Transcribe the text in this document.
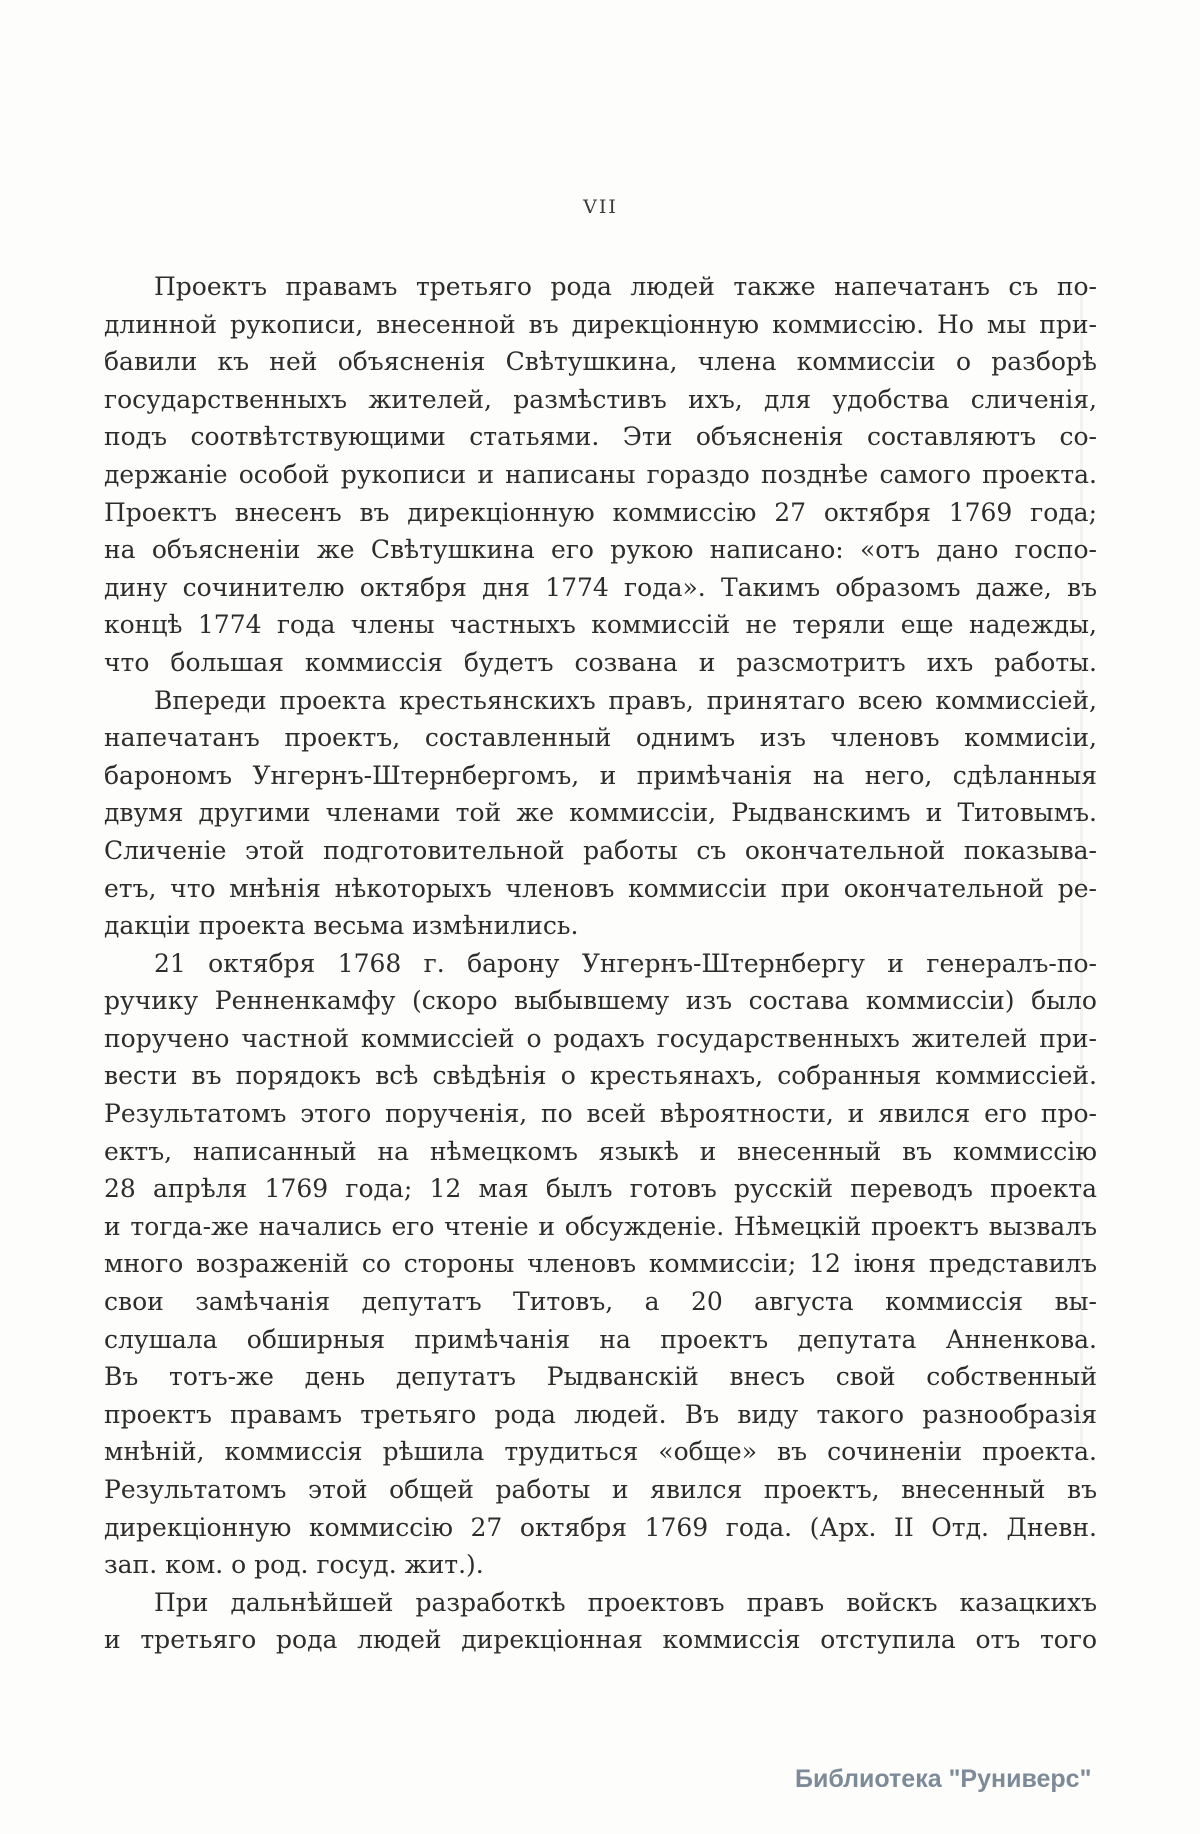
VII
Проектъ правамъ третьяго рода людей также напечатанъ съ по-
длинной рукописи, внесенной въ дирекціонную коммиссію. Но мы при-
бавили къ ней объясненія Свѣтушкина, члена коммиссіи о разборѣ
государственныхъ жителей, размѣстивъ ихъ, для удобства сличенія,
подъ соотвѣтствующими статьями. Эти объясненія составляютъ со-
держаніе особой рукописи и написаны гораздо позднѣе самого проекта.
Проектъ внесенъ въ дирекціонную коммиссію 27 октября 1769 года;
на объясненіи же Свѣтушкина его рукою написано: «отъ дано госпо-
дину сочинителю октября дня 1774 года». Такимъ образомъ даже, въ
концѣ 1774 года члены частныхъ коммиссій не теряли еще надежды,
что большая коммиссія будетъ созвана и разсмотритъ ихъ работы.
Впереди проекта крестьянскихъ правъ, принятаго всею коммиссіей,
напечатанъ проектъ, составленный однимъ изъ членовъ коммисіи,
барономъ Унгернъ-Штернбергомъ, и примѣчанія на него, сдѣланныя
двумя другими членами той же коммиссіи, Рыдванскимъ и Титовымъ.
Сличеніе этой подготовительной работы съ окончательной показыва-
етъ, что мнѣнія нѣкоторыхъ членовъ коммиссіи при окончательной ре-
дакціи проекта весьма измѣнились.
21 октября 1768 г. барону Унгернъ-Штернбергу и генералъ-по-
ручику Ренненкамфу (скоро выбывшему изъ состава коммиссіи) было
поручено частной коммиссіей о родахъ государственныхъ жителей при-
вести въ порядокъ всѣ свѣдѣнія о крестьянахъ, собранныя коммиссіей.
Результатомъ этого порученія, по всей вѣроятности, и явился его про-
ектъ, написанный на нѣмецкомъ языкѣ и внесенный въ коммиссію
28 апрѣля 1769 года; 12 мая былъ готовъ русскій переводъ проекта
и тогда-же начались его чтеніе и обсужденіе. Нѣмецкій проектъ вызвалъ
много возраженій со стороны членовъ коммиссіи; 12 іюня представилъ
свои замѣчанія депутатъ Титовъ, а 20 августа коммиссія вы-
слушала обширныя примѣчанія на проектъ депутата Анненкова.
Въ тотъ-же день депутатъ Рыдванскій внесъ свой собственный
проектъ правамъ третьяго рода людей. Въ виду такого разнообразія
мнѣній, коммиссія рѣшила трудиться «обще» въ сочиненіи проекта.
Результатомъ этой общей работы и явился проектъ, внесенный въ
дирекціонную коммиссію 27 октября 1769 года. (Арх. II Отд. Дневн.
зап. ком. о род. госуд. жит.).
При дальнѣйшей разработкѣ проектовъ правъ войскъ казацкихъ
и третьяго рода людей дирекціонная коммиссія отступила отъ того
Библиотека "Руниверс"
